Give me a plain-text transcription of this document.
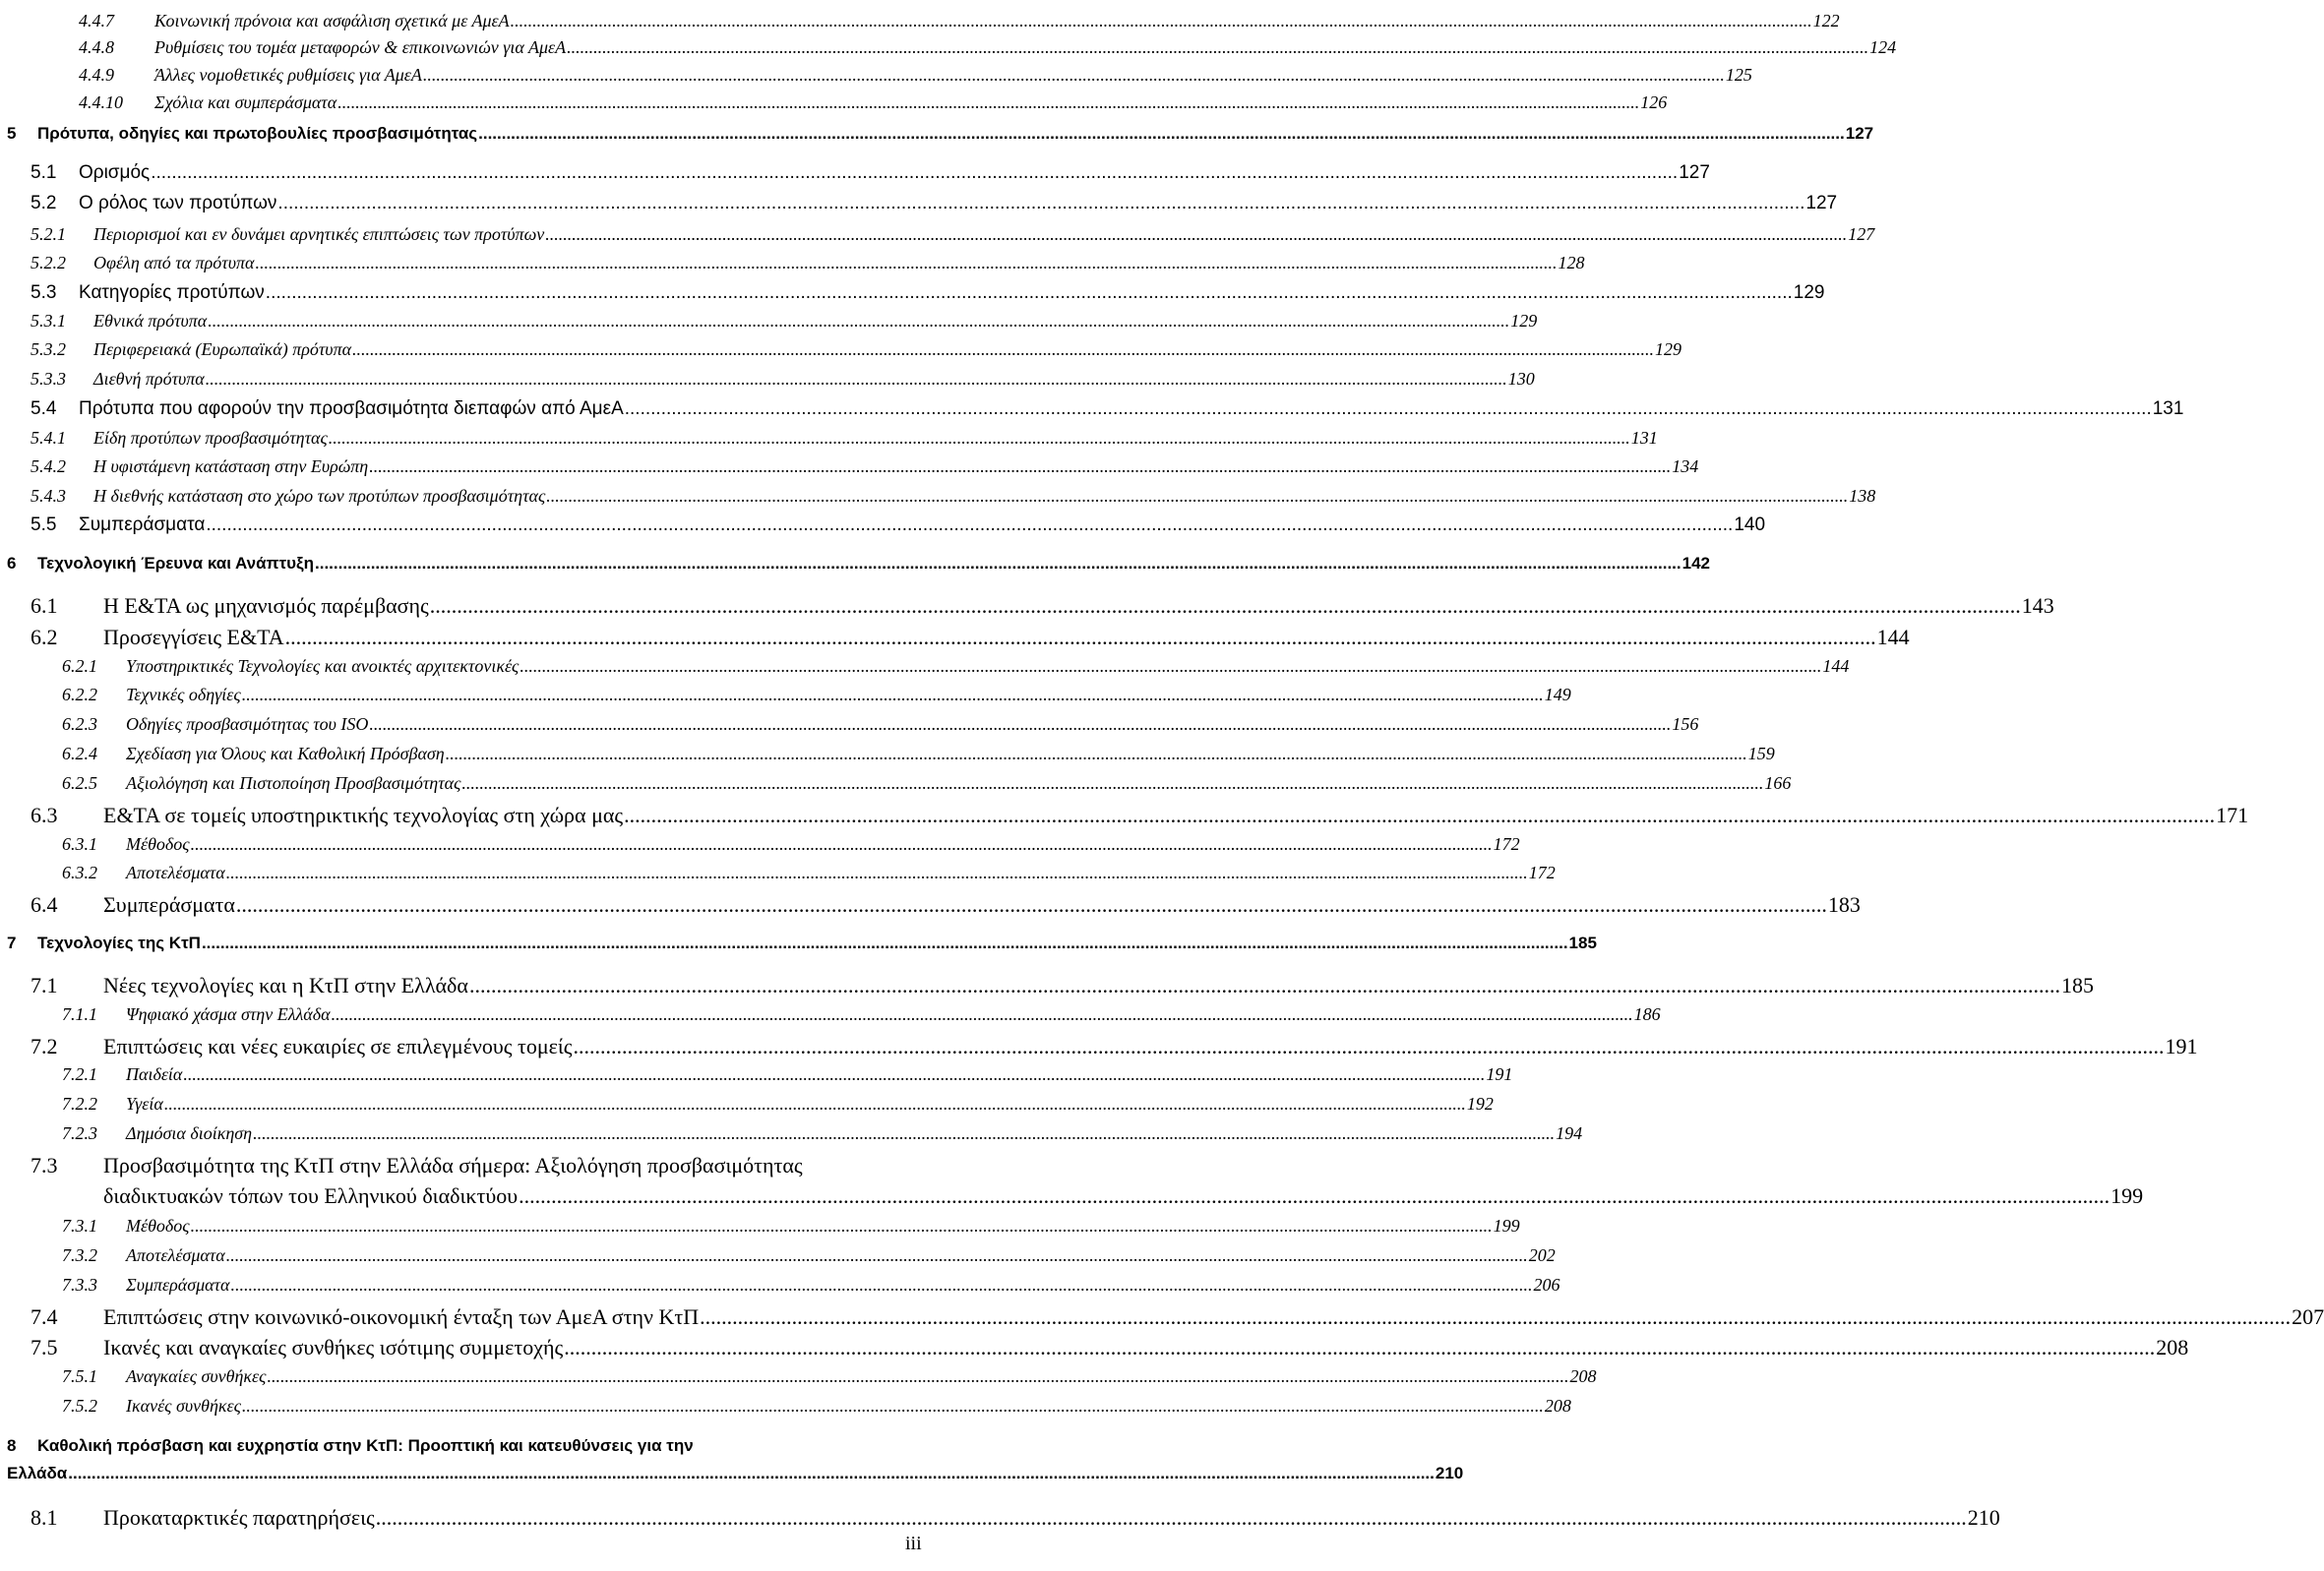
4.4.7 Κοινωνική πρόνοια και ασφάλιση σχετικά με ΑμεΑ .....	122
4.4.8 Ρυθμίσεις του τομέα μεταφορών & επικοινωνιών για ΑμεΑ .....	124
4.4.9 Άλλες νομοθετικές ρυθμίσεις για ΑμεΑ .....	125
4.4.10 Σχόλια και συμπεράσματα .....	126
5 Πρότυπα, οδηγίες και πρωτοβουλίες προσβασιμότητας .....	127
5.1 Ορισμός .....	127
5.2 Ο ρόλος των προτύπων .....	127
5.2.1 Περιορισμοί και εν δυνάμει αρνητικές επιπτώσεις των προτύπων .....	127
5.2.2 Οφέλη από τα πρότυπα .....	128
5.3 Κατηγορίες προτύπων .....	129
5.3.1 Εθνικά πρότυπα .....	129
5.3.2 Περιφερειακά (Ευρωπαϊκά) πρότυπα .....	129
5.3.3 Διεθνή πρότυπα .....	130
5.4 Πρότυπα που αφορούν την προσβασιμότητα διεπαφών από ΑμεΑ .....	131
5.4.1 Είδη προτύπων προσβασιμότητας .....	131
5.4.2 Η υφιστάμενη κατάσταση στην Ευρώπη .....	134
5.4.3 Η διεθνής κατάσταση στο χώρο των προτύπων προσβασιμότητας .....	138
5.5 Συμπεράσματα .....	140
6 Τεχνολογική Έρευνα και Ανάπτυξη .....	142
6.1 Η Ε&ΤΑ ως μηχανισμός παρέμβασης .....	143
6.2 Προσεγγίσεις Ε&ΤΑ .....	144
6.2.1 Υποστηρικτικές Τεχνολογίες και ανοικτές αρχιτεκτονικές .....	144
6.2.2 Τεχνικές οδηγίες .....	149
6.2.3 Οδηγίες προσβασιμότητας του ISO .....	156
6.2.4 Σχεδίαση για Όλους και Καθολική Πρόσβαση .....	159
6.2.5 Αξιολόγηση και Πιστοποίηση Προσβασιμότητας .....	166
6.3 Ε&ΤΑ σε τομείς υποστηρικτικής τεχνολογίας στη χώρα μας .....	171
6.3.1 Μέθοδος .....	172
6.3.2 Αποτελέσματα .....	172
6.4 Συμπεράσματα .....	183
7 Τεχνολογίες της ΚτΠ .....	185
7.1 Νέες τεχνολογίες και η ΚτΠ στην Ελλάδα .....	185
7.1.1 Ψηφιακό χάσμα στην Ελλάδα .....	186
7.2 Επιπτώσεις και νέες ευκαιρίες σε επιλεγμένους τομείς .....	191
7.2.1 Παιδεία .....	191
7.2.2 Υγεία .....	192
7.2.3 Δημόσια διοίκηση .....	194
7.3 Προσβασιμότητα της ΚτΠ στην Ελλάδα σήμερα: Αξιολόγηση προσβασιμότητας
διαδικτυακών τόπων του Ελληνικού διαδικτύου .....	199
7.3.1 Μέθοδος .....	199
7.3.2 Αποτελέσματα .....	202
7.3.3 Συμπεράσματα .....	206
7.4 Επιπτώσεις στην κοινωνικό-οικονομική ένταξη των ΑμεΑ στην ΚτΠ .....	207
7.5 Ικανές και αναγκαίες συνθήκες ισότιμης συμμετοχής .....	208
7.5.1 Αναγκαίες συνθήκες .....	208
7.5.2 Ικανές συνθήκες .....	208
8 Καθολική πρόσβαση και ευχρηστία στην ΚτΠ: Προοπτική και κατευθύνσεις για την
Ελλάδα .....	210
8.1 Προκαταρκτικές παρατηρήσεις .....	210
iii
